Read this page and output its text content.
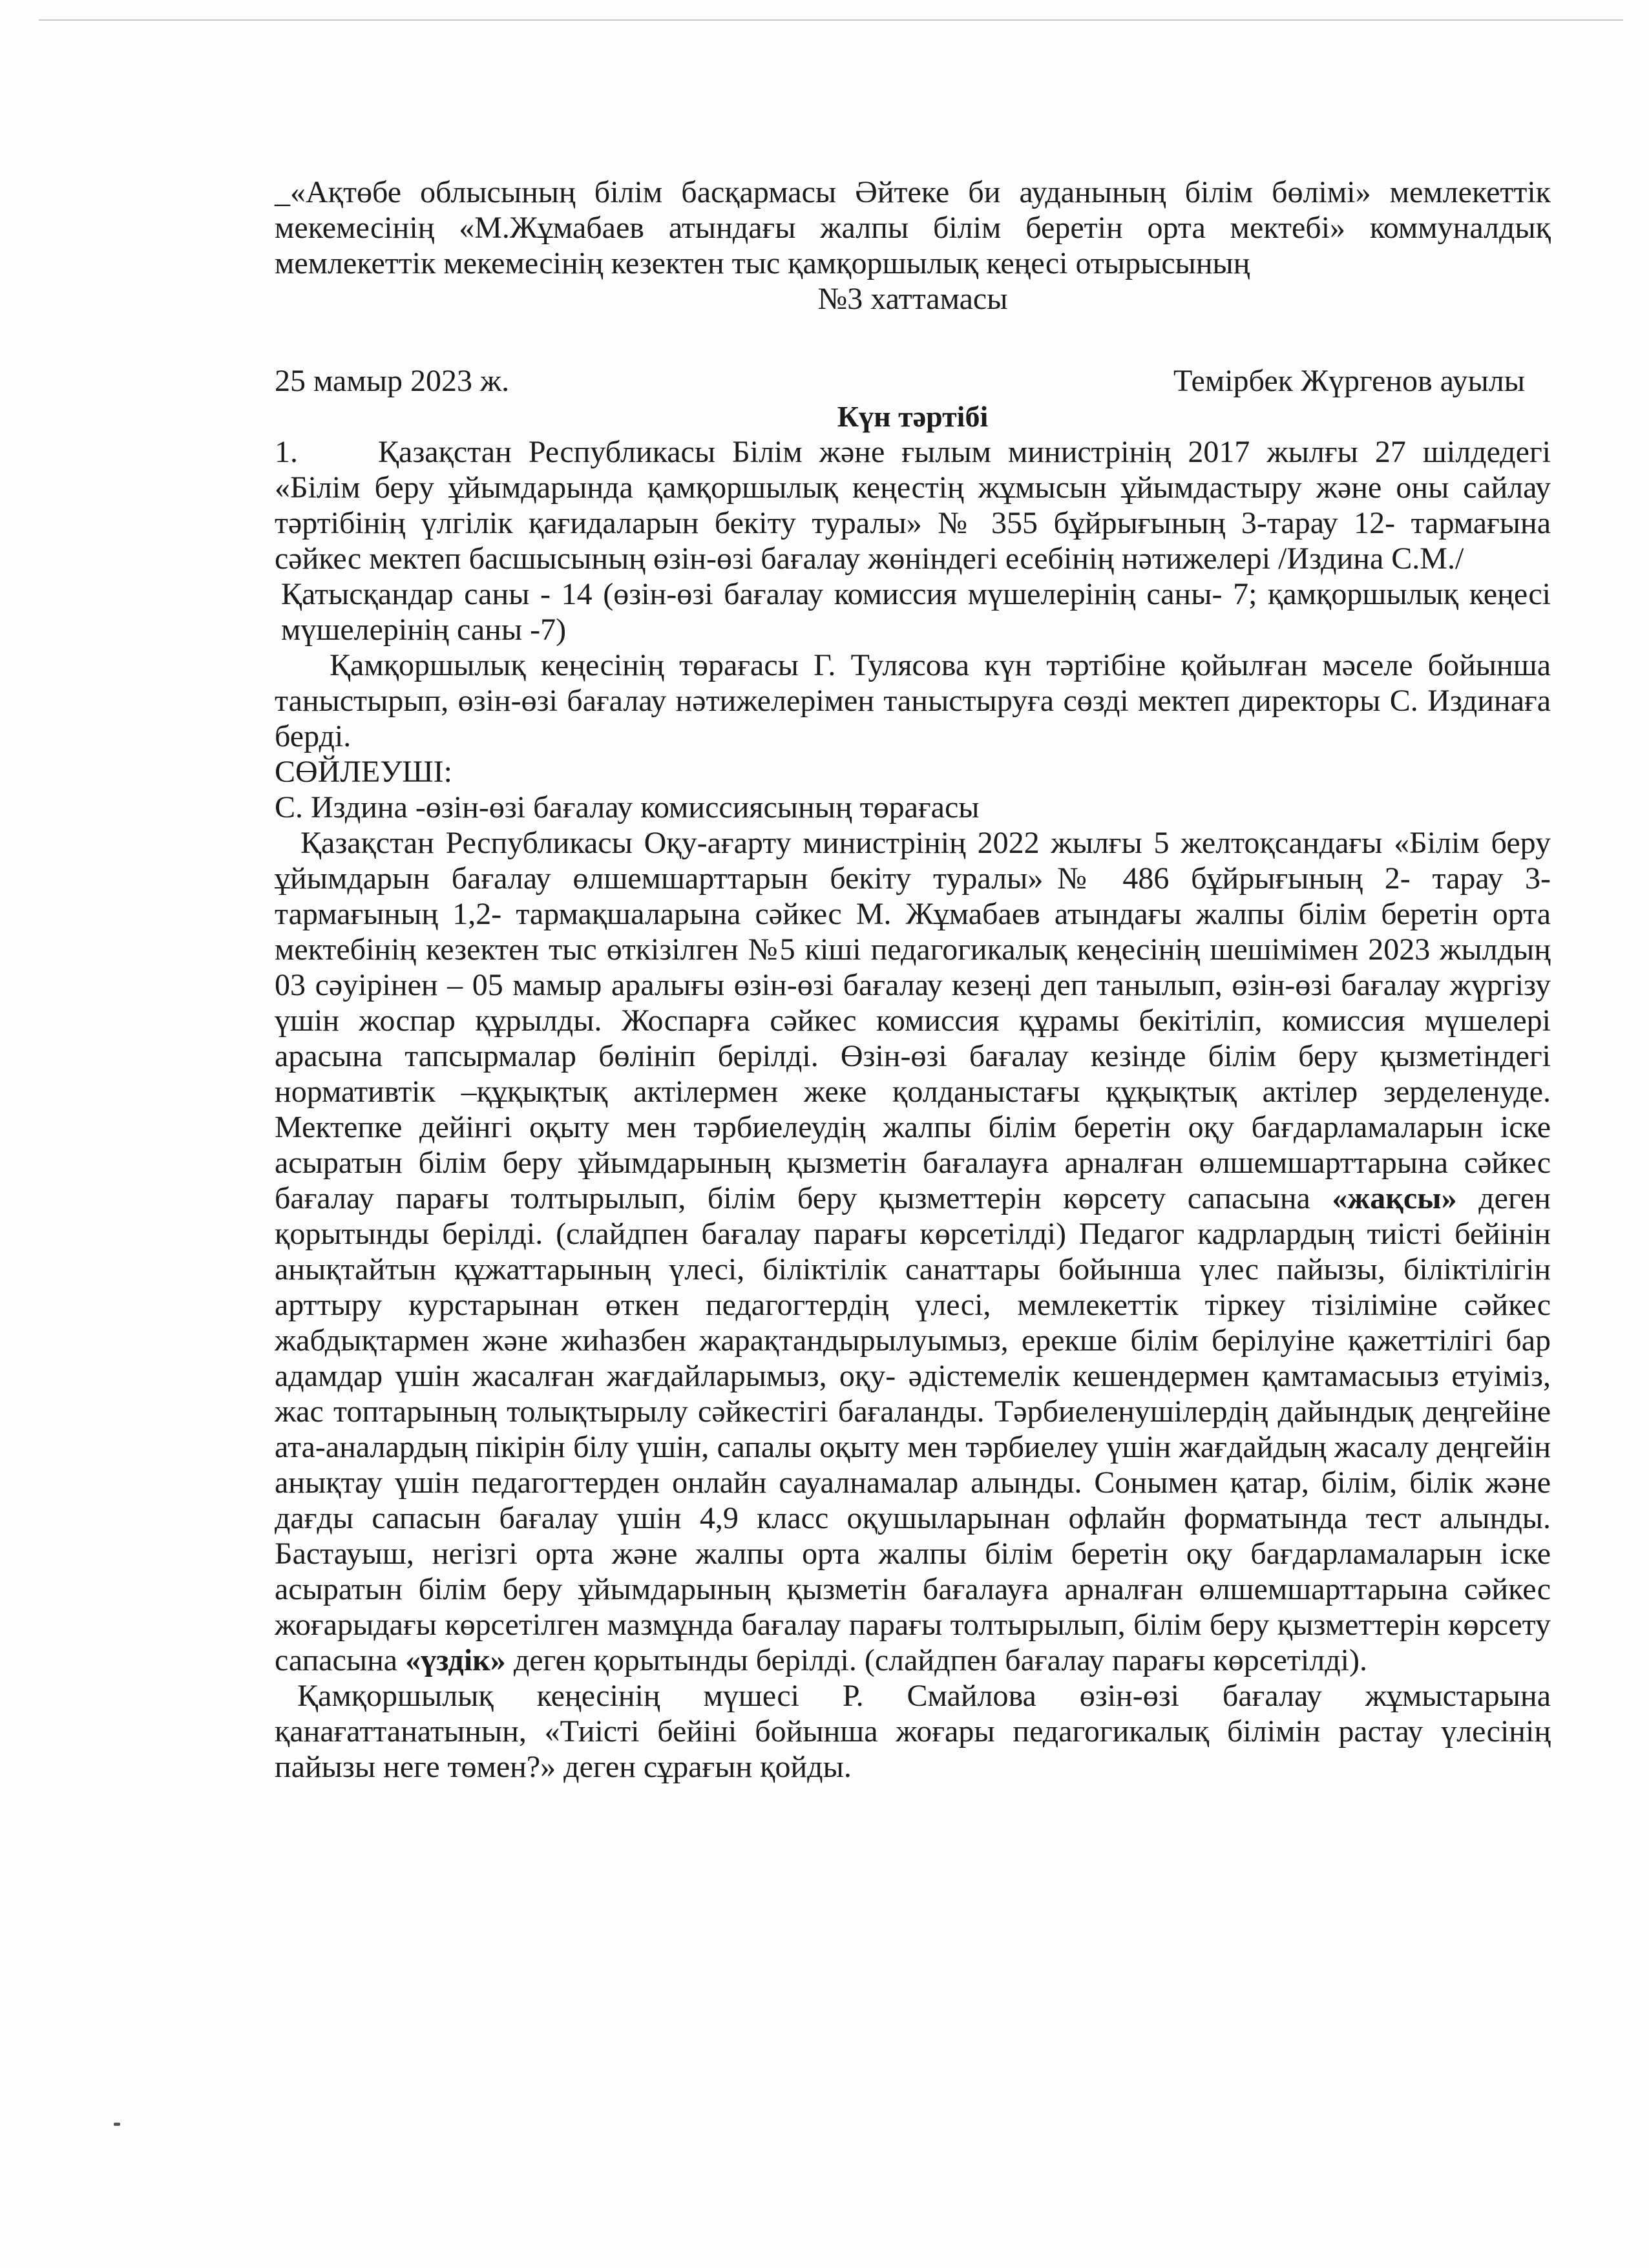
_«Ақтөбе облысының білім басқармасы Әйтеке би ауданының білім бөлімі» мемлекеттік мекемесінің «М.Жұмабаев атындағы жалпы білім беретін орта мектебі» коммуналдық мемлекеттік мекемесінің кезектен тыс қамқоршылық кеңесі отырысының

№3 хаттамасы

25 мамыр 2023 ж.	Темірбек Жүргенов ауылы

Күн тәртібі

1.	Қазақстан Республикасы Білім және ғылым министрінің 2017 жылғы 27 шілдедегі «Білім беру ұйымдарында қамқоршылық кеңестің жұмысын ұйымдастыру және оны сайлау тәртібінің үлгілік қағидаларын бекіту туралы» № 355 бұйрығының 3-тарау 12- тармағына сәйкес мектеп басшысының өзін-өзі бағалау жөніндегі есебінің нәтижелері /Издина С.М./

Қатысқандар саны - 14 (өзін-өзі бағалау комиссия мүшелерінің саны- 7; қамқоршылық кеңесі мүшелерінің саны -7)

Қамқоршылық кеңесінің төрағасы Г. Тулясова күн тәртібіне қойылған мәселе бойынша таныстырып, өзін-өзі бағалау нәтижелерімен таныстыруға сөзді мектеп директоры С. Издинаға берді.

СӨЙЛЕУШІ:

С. Издина -өзін-өзі бағалау комиссиясының төрағасы

Қазақстан Республикасы Оқу-ағарту министрінің 2022 жылғы 5 желтоқсандағы «Білім беру ұйымдарын бағалау өлшемшарттарын бекіту туралы»№ 486 бұйрығының 2- тарау 3-тармағының 1,2- тармақшаларына сәйкес М. Жұмабаев атындағы жалпы білім беретін орта мектебінің кезектен тыс өткізілген №5 кіші педагогикалық кеңесінің шешімімен 2023 жылдың 03 сәуірінен – 05 мамыр аралығы өзін-өзі бағалау кезеңі деп танылып, өзін-өзі бағалау жүргізу үшін жоспар құрылды. Жоспарға сәйкес комиссия құрамы бекітіліп, комиссия мүшелері арасына тапсырмалар бөлініп берілді. Өзін-өзі бағалау кезінде білім беру қызметіндегі нормативтік –құқықтық актілермен жеке қолданыстағы құқықтық актілер зерделенуде. Мектепке дейінгі оқыту мен тәрбиелеудің жалпы білім беретін оқу бағдарламаларын іске асыратын білім беру ұйымдарының қызметін бағалауға арналған өлшемшарттарына сәйкес бағалау парағы толтырылып, білім беру қызметтерін көрсету сапасына «жақсы» деген қорытынды берілді. (слайдпен бағалау парағы көрсетілді) Педагог кадрлардың тиісті бейінін анықтайтын құжаттарының үлесі, біліктілік санаттары бойынша үлес пайызы, біліктілігін арттыру курстарынан өткен педагогтердің үлесі, мемлекеттік тіркеу тізіліміне сәйкес жабдықтармен және жиһазбен жарақтандырылуымыз, ерекше білім берілуіне қажеттілігі бар адамдар үшін жасалған жағдайларымыз, оқу- әдістемелік кешендермен қамтамасыыз етуіміз, жас топтарының толықтырылу сәйкестігі бағаланды. Тәрбиеленушілердің дайындық деңгейіне ата-аналардың пікірін білу үшін, сапалы оқыту мен тәрбиелеу үшін жағдайдың жасалу деңгейін анықтау үшін педагогтерден онлайн сауалнамалар алынды. Сонымен қатар, білім, білік және дағды сапасын бағалау үшін 4,9 класс оқушыларынан офлайн форматында тест алынды. Бастауыш, негізгі орта және жалпы орта жалпы білім беретін оқу бағдарламаларын іске асыратын білім беру ұйымдарының қызметін бағалауға арналған өлшемшарттарына сәйкес жоғарыдағы көрсетілген мазмұнда бағалау парағы толтырылып, білім беру қызметтерін көрсету сапасына «үздік» деген қорытынды берілді. (слайдпен бағалау парағы көрсетілді).

Қамқоршылық кеңесінің мүшесі Р. Смайлова өзін-өзі бағалау жұмыстарына қанағаттанатынын, «Тиісті бейіні бойынша жоғары педагогикалық білімін растау үлесінің пайызы неге төмен?» деген сұрағын қойды.
